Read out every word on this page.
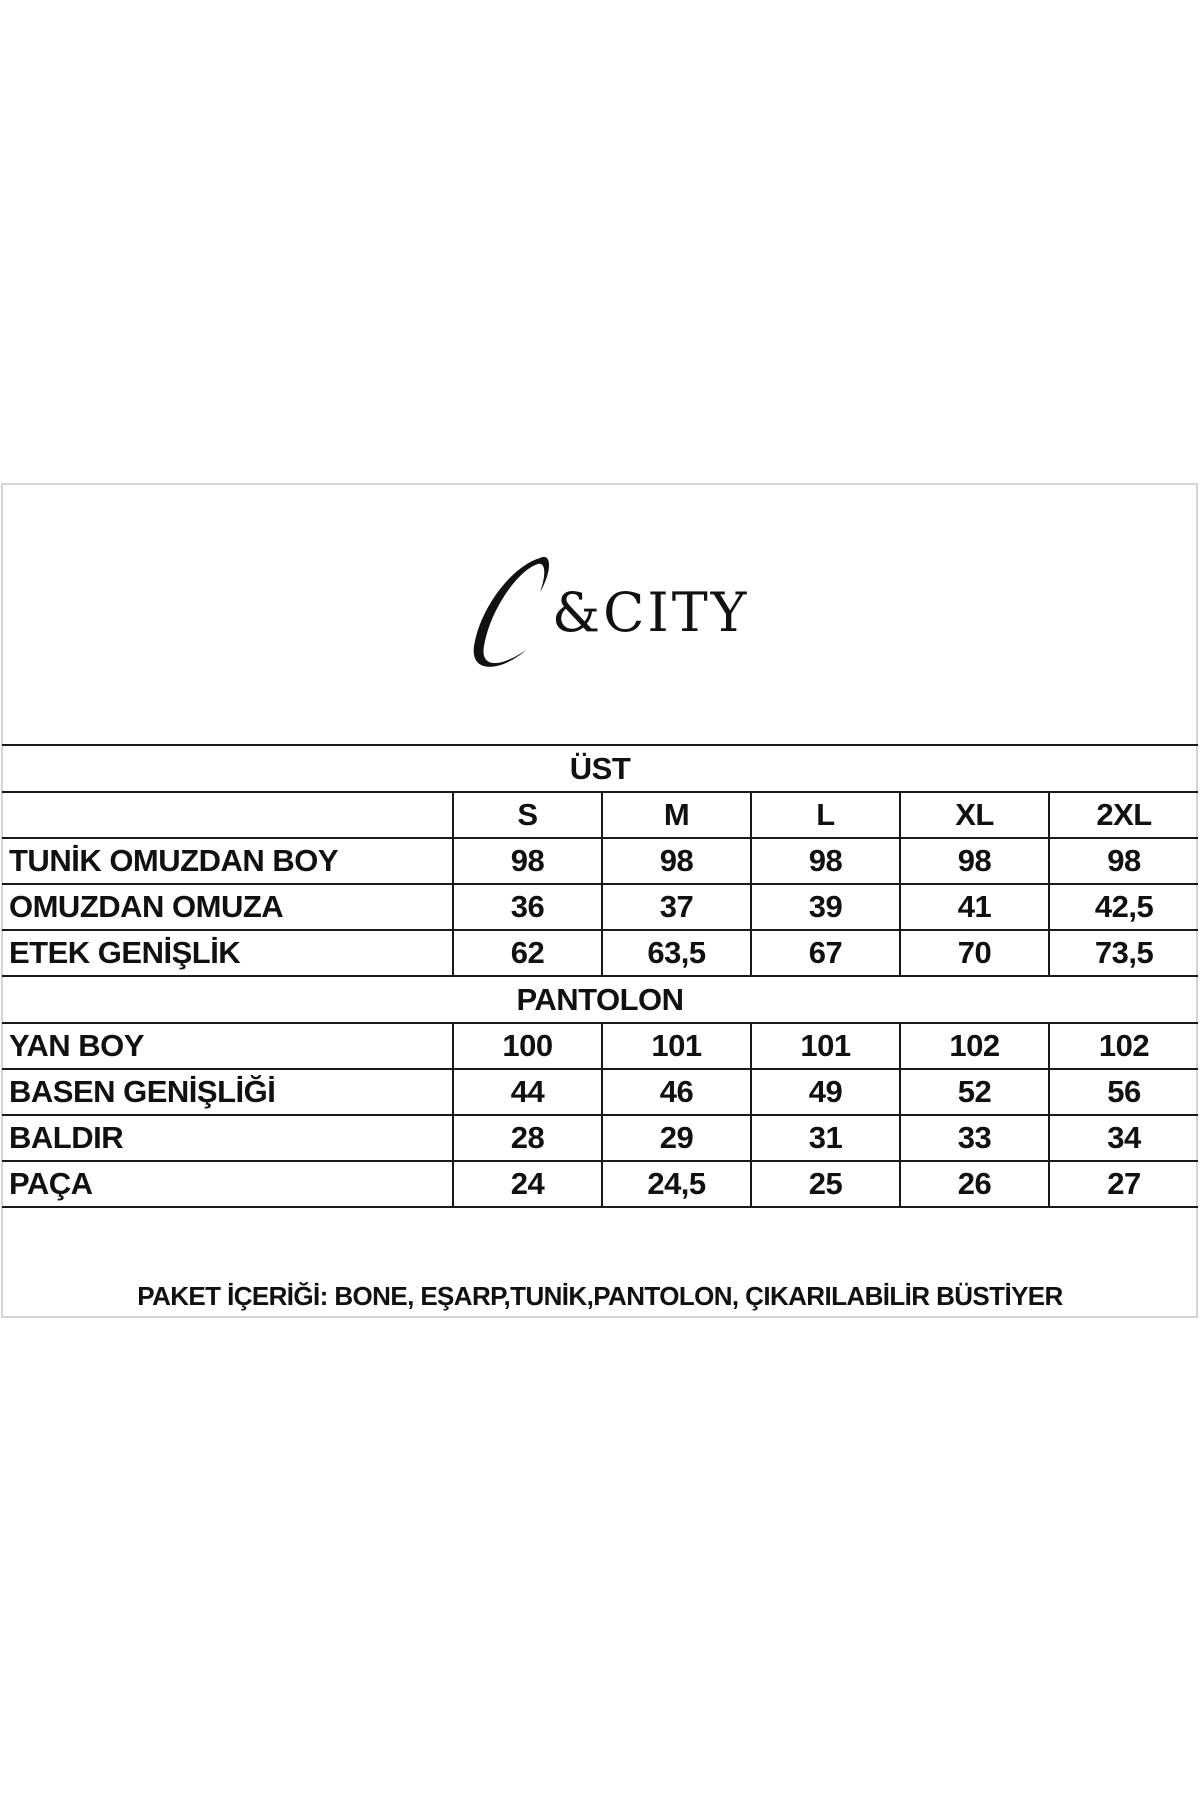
&CITY
ÜST					
	S	M	L	XL	2XL
TUNİK OMUZDAN BOY	98	98	98	98	98
OMUZDAN OMUZA	36	37	39	41	42,5
ETEK GENİŞLİK	62	63,5	67	70	73,5
PANTOLON					
YAN BOY	100	101	101	102	102
BASEN GENİŞLİĞİ	44	46	49	52	56
BALDIR	28	29	31	33	34
PAÇA	24	24,5	25	26	27
PAKET İÇERİĞİ: BONE, EŞARP,TUNİK,PANTOLON, ÇIKARILABİLİR BÜSTİYER
